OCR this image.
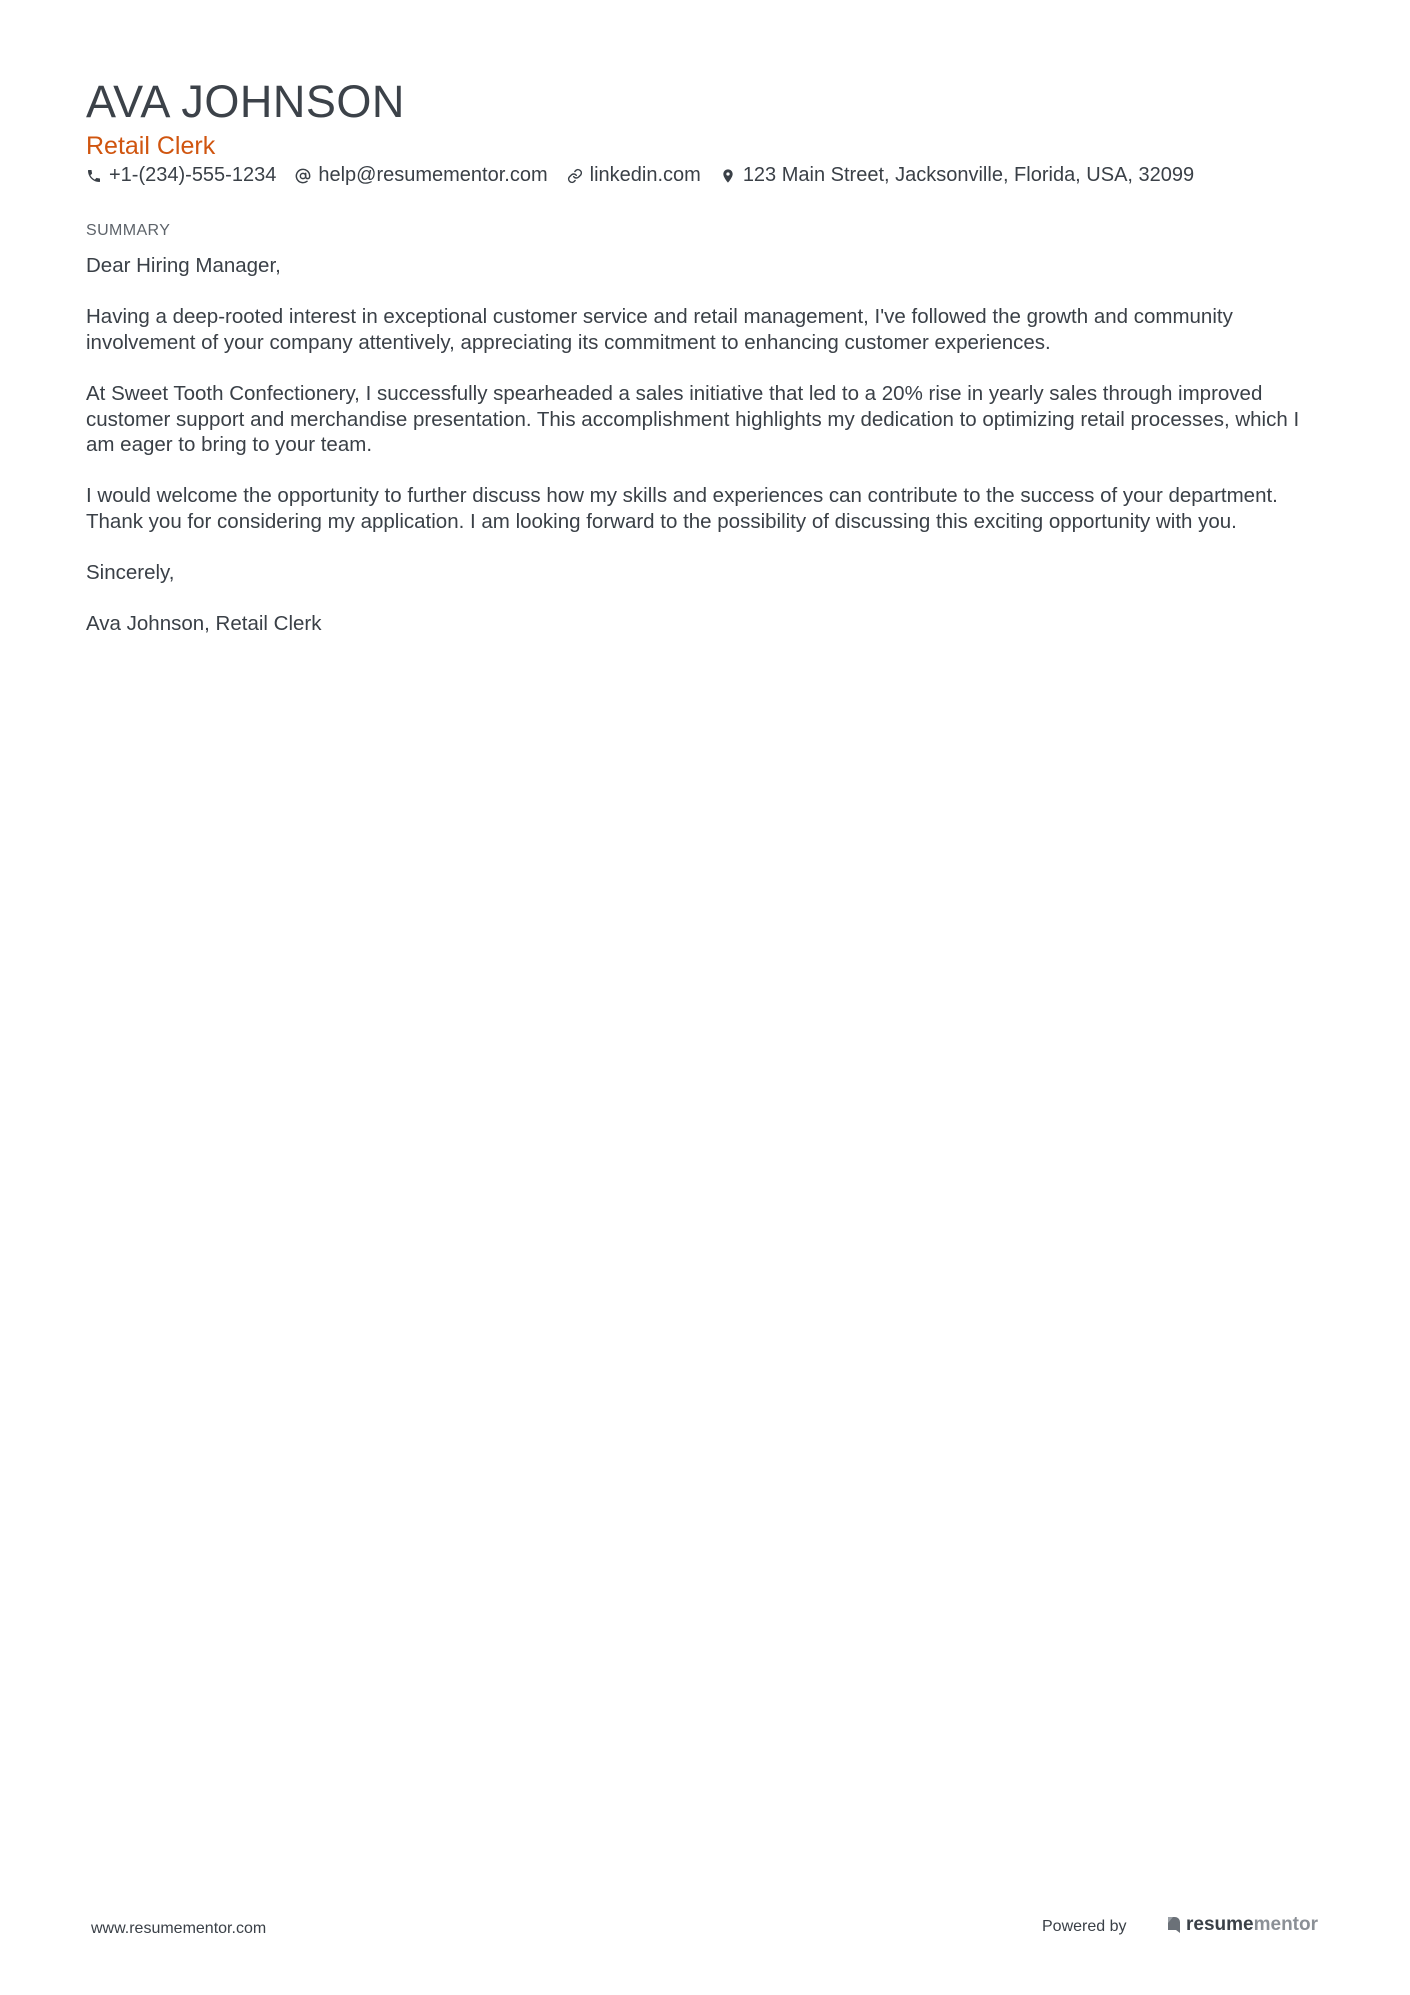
AVA JOHNSON
Retail Clerk
+1-(234)-555-1234 help@resumementor.com linkedin.com 123 Main Street, Jacksonville, Florida, USA, 32099
SUMMARY

Dear Hiring Manager,

Having a deep-rooted interest in exceptional customer service and retail management, I've followed the growth and community involvement of your company attentively, appreciating its commitment to enhancing customer experiences.

At Sweet Tooth Confectionery, I successfully spearheaded a sales initiative that led to a 20% rise in yearly sales through improved customer support and merchandise presentation. This accomplishment highlights my dedication to optimizing retail processes, which I am eager to bring to your team.

I would welcome the opportunity to further discuss how my skills and experiences can contribute to the success of your department. Thank you for considering my application. I am looking forward to the possibility of discussing this exciting opportunity with you.

Sincerely,

Ava Johnson, Retail Clerk

www.resumementor.com	Powered by	resumementor
